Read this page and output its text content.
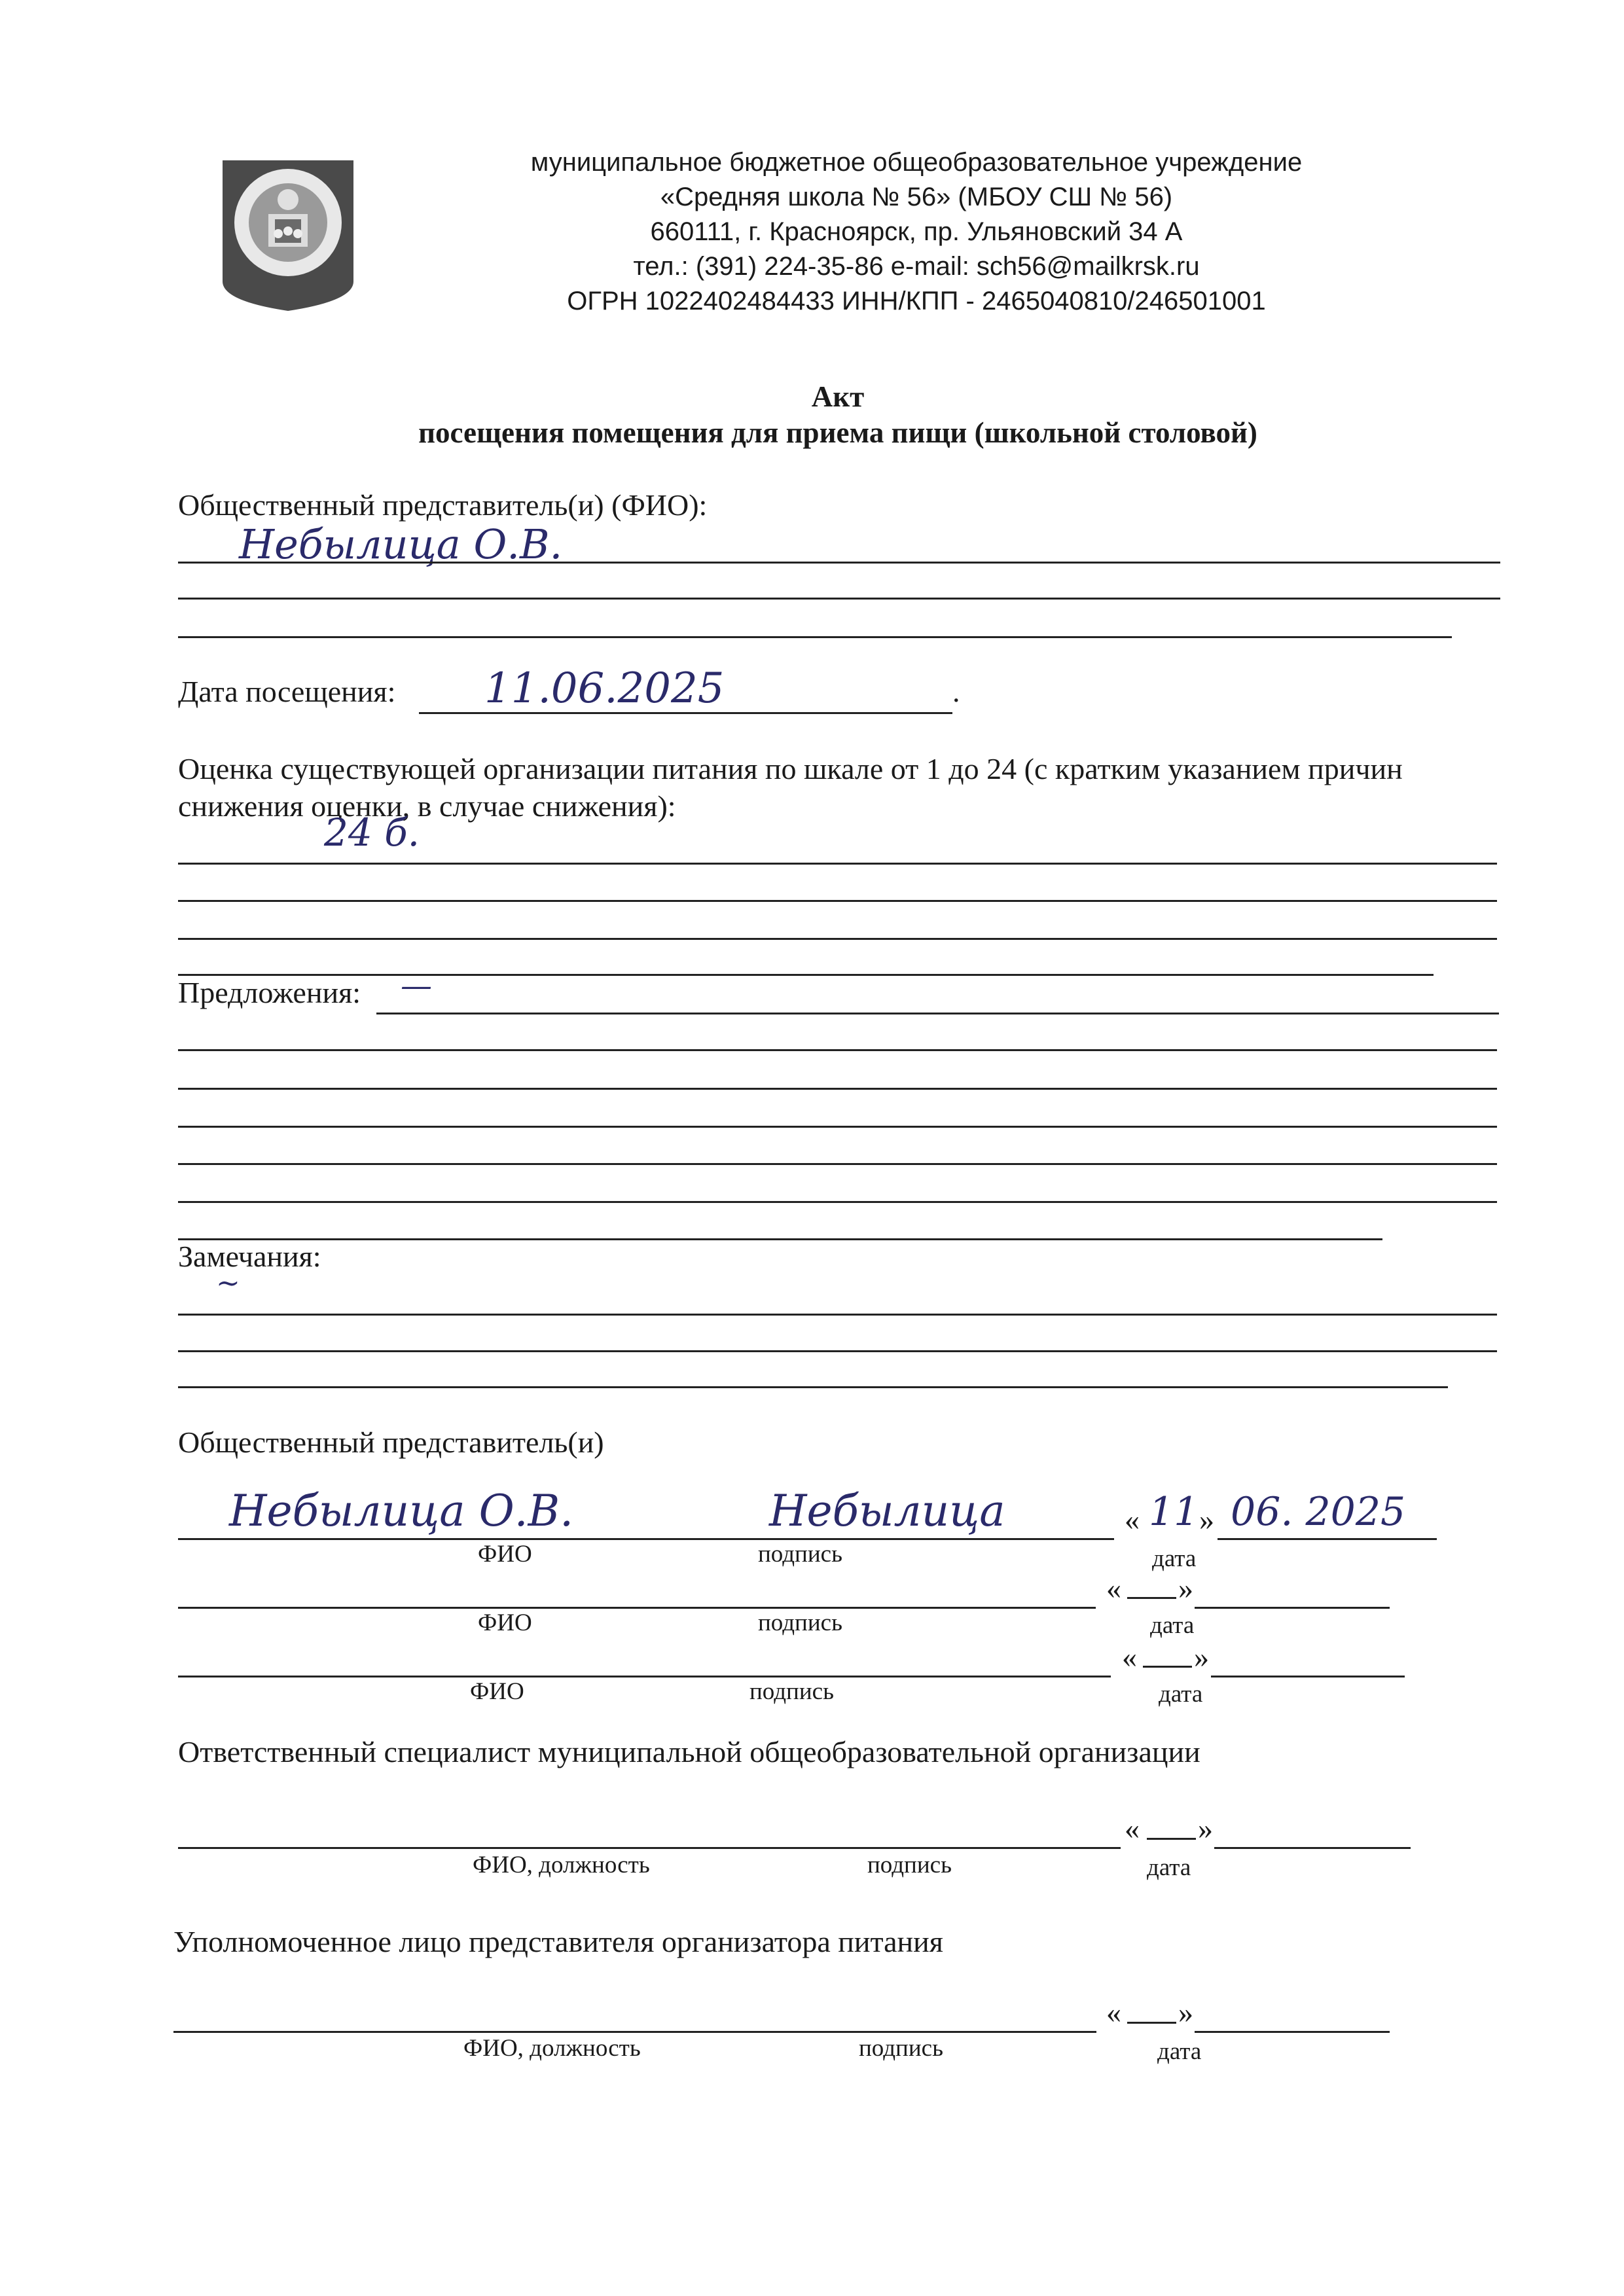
муниципальное бюджетное общеобразовательное учреждение
«Средняя школа № 56» (МБОУ СШ № 56)
660111, г. Красноярск, пр. Ульяновский 34 А
тел.: (391) 224-35-86 e-mail: sch56@mailkrsk.ru
ОГРН 1022402484433 ИНН/КПП - 2465040810/246501001
Акт
посещения помещения для приема пищи (школьной столовой)
Общественный представитель(и) (ФИО):
Небылица О.В.
Дата посещения: 11.06.2025	.
Оценка существующей организации питания по шкале от 1 до 24 (с кратким указанием причин
снижения оценки, в случае снижения):
24 б.
Предложения: —
Замечания:
~
Общественный представитель(и)
Небылица О.В.	Небылица	« 11 » 06. 2025
ФИО	подпись	дата
« »
ФИО	подпись	дата
« »
ФИО	подпись	дата
Ответственный специалист муниципальной общеобразовательной организации
« »
ФИО, должность	подпись	дата
Уполномоченное лицо представителя организатора питания
« »
ФИО, должность	подпись	дата
